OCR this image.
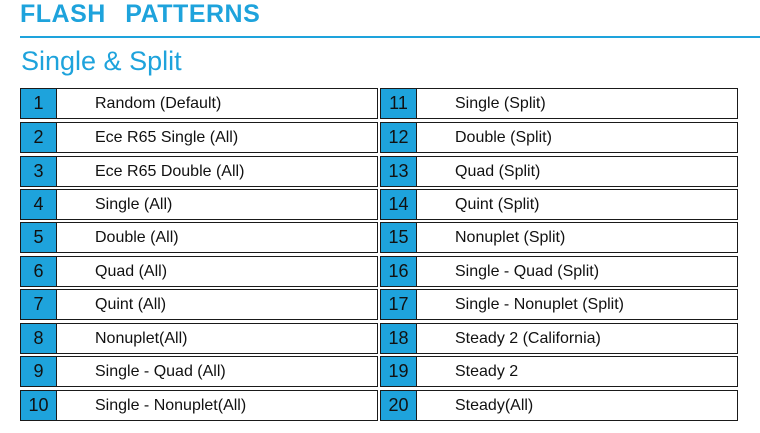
FLASH PATTERNS
Single & Split
1	Random (Default)
2	Ece R65 Single (All)
3	Ece R65 Double (All)
4	Single (All)
5	Double (All)
6	Quad (All)
7	Quint (All)
8	Nonuplet(All)
9	Single - Quad (All)
10	Single - Nonuplet(All)
11	Single (Split)
12	Double (Split)
13	Quad (Split)
14	Quint (Split)
15	Nonuplet (Split)
16	Single - Quad (Split)
17	Single - Nonuplet (Split)
18	Steady 2 (California)
19	Steady 2
20	Steady(All)
